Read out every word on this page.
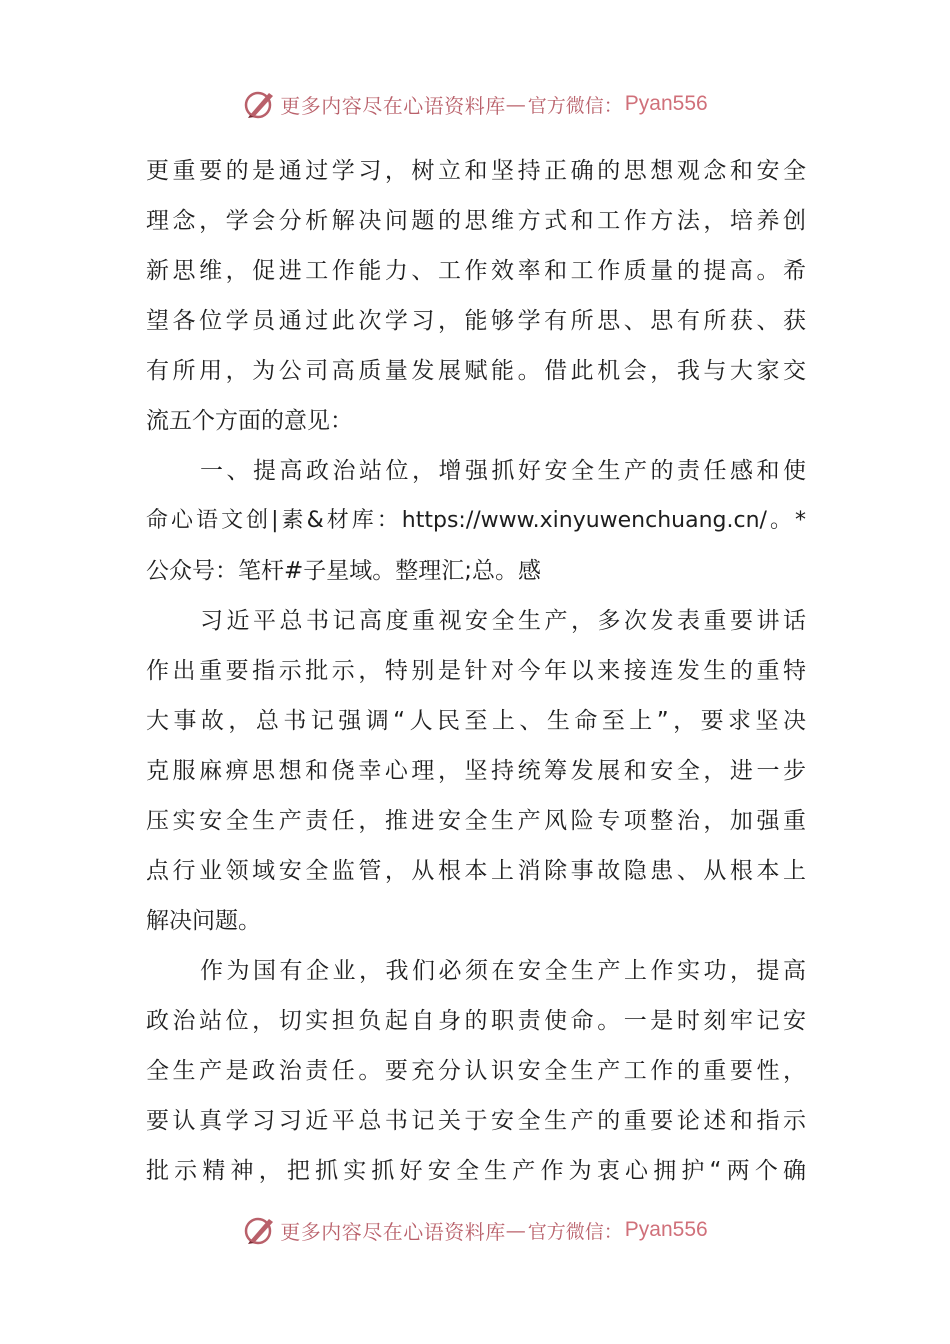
更多内容尽在心语资料库 — 官方微信： Pyan556
更重要的是通过学习，树立和坚持正确的思想观念和安全
理念，学会分析解决问题的思维方式和工作方法，培养创
新思维，促进工作能力、工作效率和工作质量的提高。希
望各位学员通过此次学习，能够学有所思、思有所获、获
有所用，为公司高质量发展赋能。借此机会，我与大家交
流五个方面的意见：
一、提高政治站位，增强抓好安全生产的责任感和使
命心语文创|素&材库：https://www.xinyuwenchuang.cn/。*
公众号：笔杆#子星域。整理汇;总。感
习近平总书记高度重视安全生产，多次发表重要讲话
作出重要指示批示，特别是针对今年以来接连发生的重特
大事故，总书记强调“人民至上、生命至上”，要求坚决
克服麻痹思想和侥幸心理，坚持统筹发展和安全，进一步
压实安全生产责任，推进安全生产风险专项整治，加强重
点行业领域安全监管，从根本上消除事故隐患、从根本上
解决问题。
作为国有企业，我们必须在安全生产上作实功，提高
政治站位，切实担负起自身的职责使命。一是时刻牢记安
全生产是政治责任。要充分认识安全生产工作的重要性，
要认真学习习近平总书记关于安全生产的重要论述和指示
批示精神，把抓实抓好安全生产作为衷心拥护“两个确
更多内容尽在心语资料库 — 官方微信： Pyan556
